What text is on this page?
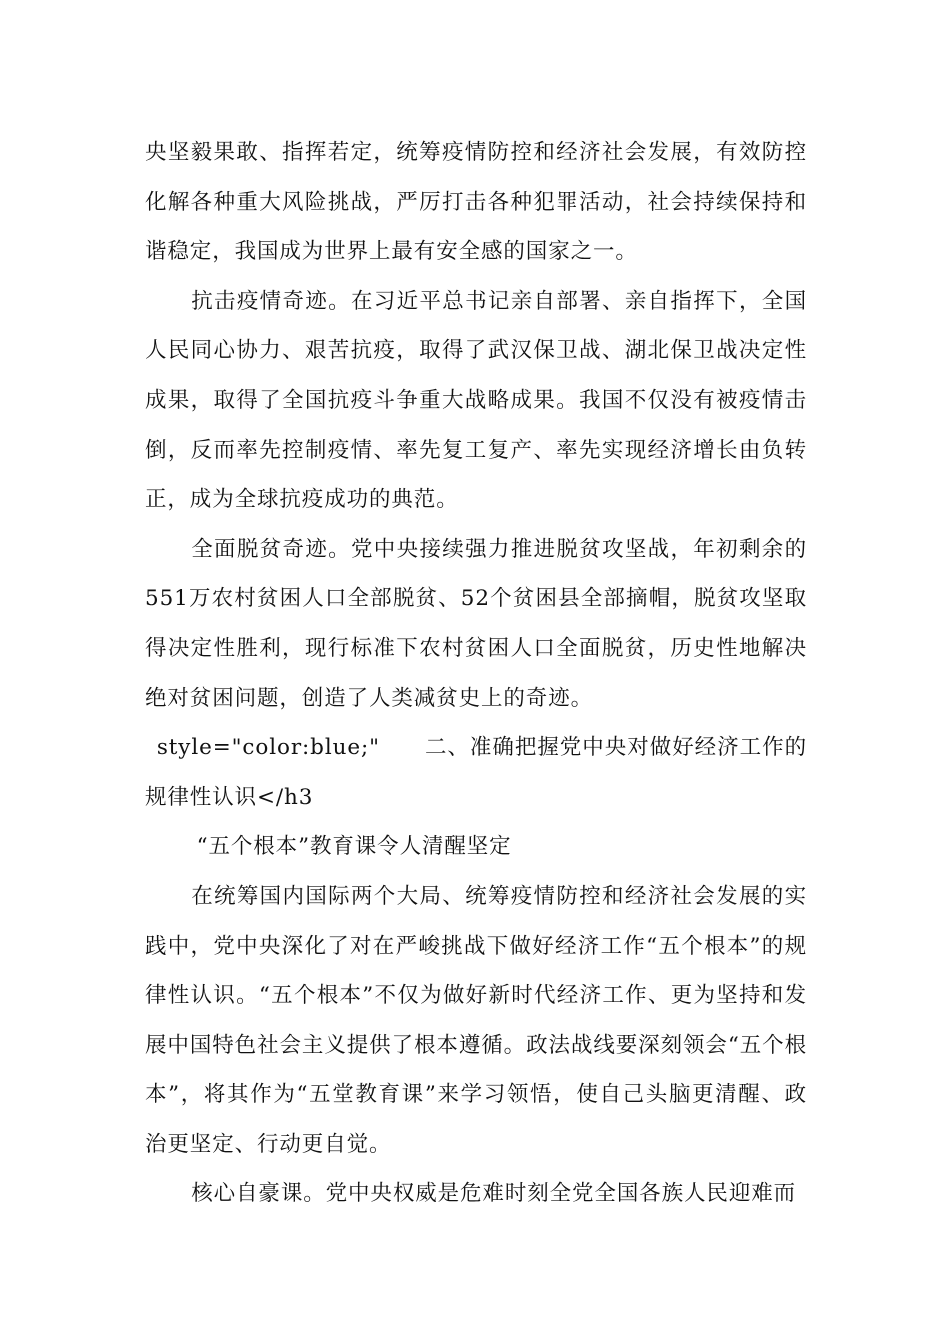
央坚毅果敢、指挥若定，统筹疫情防控和经济社会发展，有效防控化解各种重大风险挑战，严厉打击各种犯罪活动，社会持续保持和谐稳定，我国成为世界上最有安全感的国家之一。

抗击疫情奇迹。在习近平总书记亲自部署、亲自指挥下，全国人民同心协力、艰苦抗疫，取得了武汉保卫战、湖北保卫战决定性成果，取得了全国抗疫斗争重大战略成果。我国不仅没有被疫情击倒，反而率先控制疫情、率先复工复产、率先实现经济增长由负转正，成为全球抗疫成功的典范。

全面脱贫奇迹。党中央接续强力推进脱贫攻坚战，年初剩余的551万农村贫困人口全部脱贫、52个贫困县全部摘帽，脱贫攻坚取得决定性胜利，现行标准下农村贫困人口全面脱贫，历史性地解决绝对贫困问题，创造了人类减贫史上的奇迹。

style="color:blue;"　　二、准确把握党中央对做好经济工作的规律性认识</h3

“五个根本”教育课令人清醒坚定

在统筹国内国际两个大局、统筹疫情防控和经济社会发展的实践中，党中央深化了对在严峻挑战下做好经济工作“五个根本”的规律性认识。“五个根本”不仅为做好新时代经济工作、更为坚持和发展中国特色社会主义提供了根本遵循。政法战线要深刻领会“五个根本”，将其作为“五堂教育课”来学习领悟，使自己头脑更清醒、政治更坚定、行动更自觉。

核心自豪课。党中央权威是危难时刻全党全国各族人民迎难而
